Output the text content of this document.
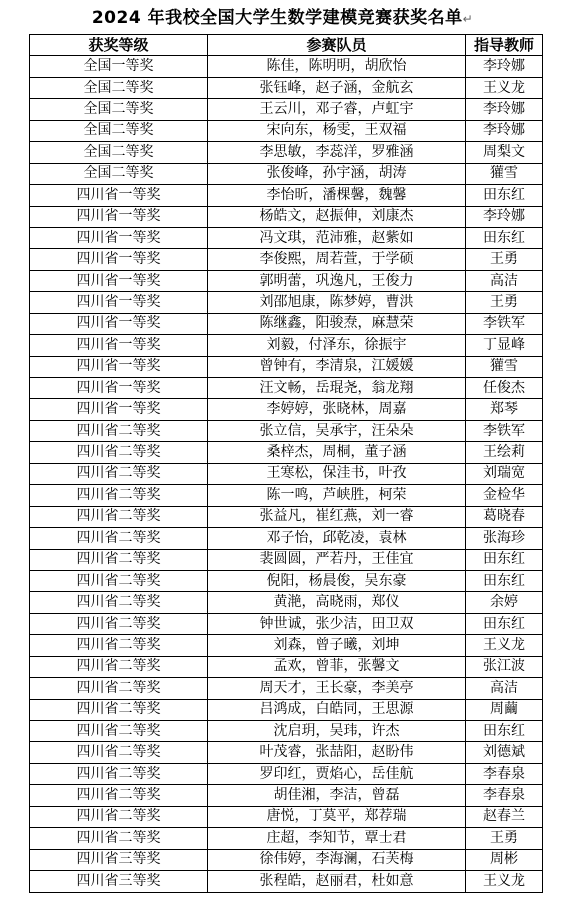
2024 年我校全国大学生数学建模竞赛获奖名单↵
获奖等级	参赛队员	指导教师
全国一等奖	陈佳，陈明明，胡欣怡	李玲娜
全国二等奖	张钰峰，赵子涵，金航玄	王义龙
全国二等奖	王云川，邓子睿，卢虹宇	李玲娜
全国二等奖	宋向东，杨雯，王双福	李玲娜
全国二等奖	李思敏，李蕊洋，罗雅涵	周梨文
全国二等奖	张俊峰，孙宇涵，胡涛	獾雪
四川省一等奖	李怡昕，潘棵馨，魏馨	田东红
四川省一等奖	杨皓文，赵振伸，刘康杰	李玲娜
四川省一等奖	冯文琪，范沛雅，赵紫如	田东红
四川省一等奖	李俊熙，周若萱，于学硕	王勇
四川省一等奖	郭明蕾，巩逸凡，王俊力	高洁
四川省一等奖	刘邵旭康，陈梦婷，曹洪	王勇
四川省一等奖	陈继鑫，阳骏焘，麻慧荣	李铁军
四川省一等奖	刘毅，付泽东，徐振宇	丁显峰
四川省一等奖	曾钟有，李清泉，江媛媛	獾雪
四川省一等奖	汪文畅，岳琨尧，翁龙翔	任俊杰
四川省一等奖	李婷婷，张晓林，周嘉	郑琴
四川省二等奖	张立信，吴承宇，汪朵朵	李铁军
四川省二等奖	桑梓杰，周桐，董子涵	王绘莉
四川省二等奖	王寒松，保洼书，叶孜	刘瑞宽
四川省二等奖	陈一鸣，芦峡胜，柯荣	金检华
四川省二等奖	张益凡，崔红燕，刘一睿	葛晓春
四川省二等奖	邓子怡，邱乾凌，袁林	张海珍
四川省二等奖	裴圆圆，严若丹，王佳宜	田东红
四川省二等奖	倪阳，杨晨俊，吴东豪	田东红
四川省二等奖	黄滟，高晓雨，郑仪	余婷
四川省二等奖	钟世诚，张少洁，田卫双	田东红
四川省二等奖	刘森，曾子曦，刘坤	王义龙
四川省二等奖	孟欢，曾菲，张馨文	张江波
四川省二等奖	周天才，王长豪，李美亭	高洁
四川省二等奖	吕鸿成，白皓同，王思源	周繭
四川省二等奖	沈启玥，吴玮，许杰	田东红
四川省二等奖	叶茂睿，张喆阳，赵盼伟	刘德斌
四川省二等奖	罗印红，贾焰心，岳佳航	李春泉
四川省二等奖	胡佳湘，李洁，曾磊	李春泉
四川省二等奖	唐悦，丁莫平，郑荐瑞	赵春兰
四川省二等奖	庄超，李知节，覃士君	王勇
四川省三等奖	徐伟婷，李海澜，石芙梅	周彬
四川省三等奖	张程皓，赵丽君，杜如意	王义龙
